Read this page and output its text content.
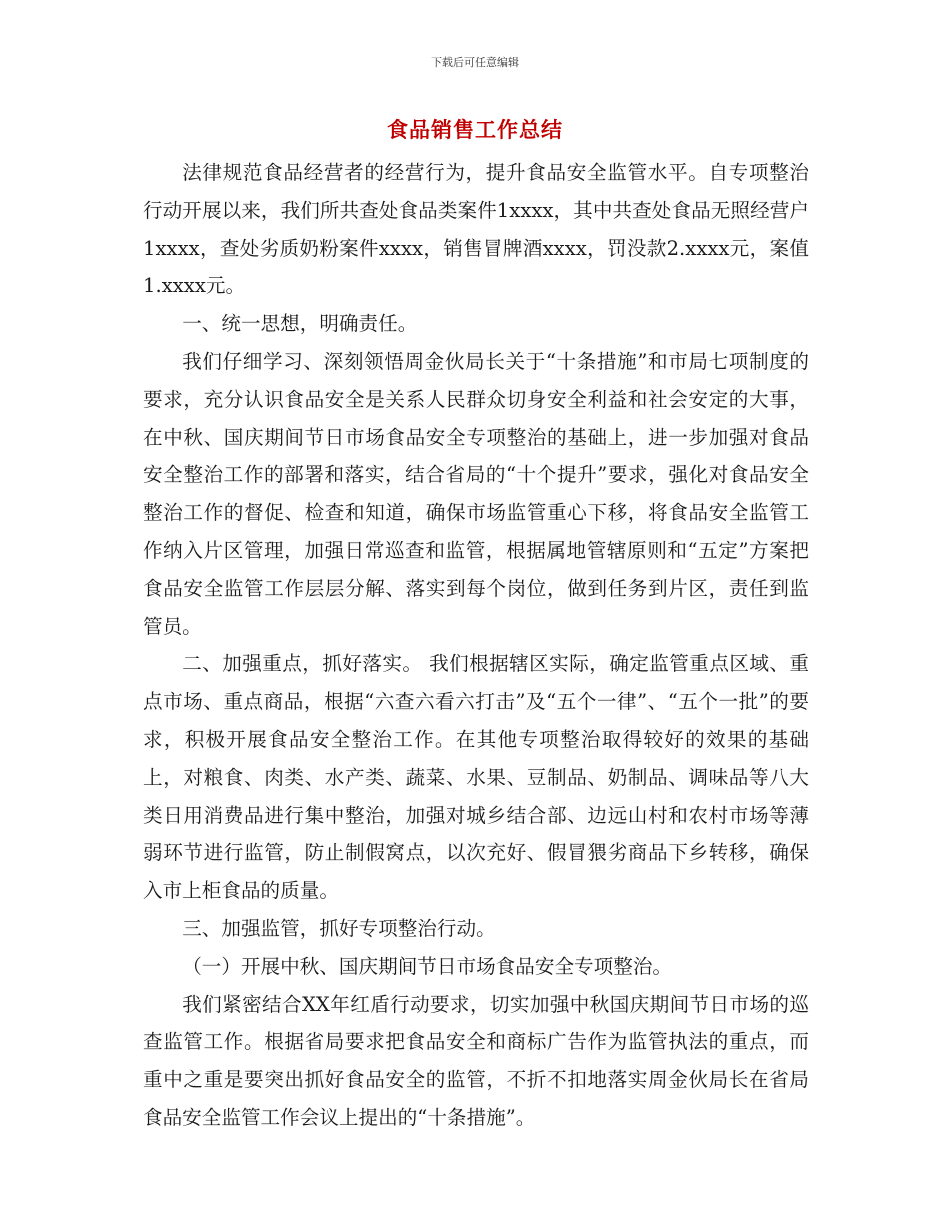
下载后可任意编辑
食品销售工作总结

法律规范食品经营者的经营行为，提升食品安全监管水平。自专项整治行动开展以来，我们所共查处食品类案件1xxxx，其中共查处食品无照经营户1xxxx，查处劣质奶粉案件xxxx，销售冒牌酒xxxx，罚没款2.xxxx元，案值1.xxxx元。

一、统一思想，明确责任。

我们仔细学习、深刻领悟周金伙局长关于“十条措施”和市局七项制度的要求，充分认识食品安全是关系人民群众切身安全利益和社会安定的大事，在中秋、国庆期间节日市场食品安全专项整治的基础上，进一步加强对食品安全整治工作的部署和落实，结合省局的“十个提升”要求，强化对食品安全整治工作的督促、检查和知道，确保市场监管重心下移，将食品安全监管工作纳入片区管理，加强日常巡查和监管，根据属地管辖原则和“五定”方案把食品安全监管工作层层分解、落实到每个岗位，做到任务到片区，责任到监管员。

二、加强重点，抓好落实。 我们根据辖区实际，确定监管重点区域、重点市场、重点商品，根据“六查六看六打击”及“五个一律”、“五个一批”的要求，积极开展食品安全整治工作。在其他专项整治取得较好的效果的基础上，对粮食、肉类、水产类、蔬菜、水果、豆制品、奶制品、调味品等八大类日用消费品进行集中整治，加强对城乡结合部、边远山村和农村市场等薄弱环节进行监管，防止制假窝点，以次充好、假冒猥劣商品下乡转移，确保入市上柜食品的质量。

三、加强监管，抓好专项整治行动。

（一）开展中秋、国庆期间节日市场食品安全专项整治。

我们紧密结合XX年红盾行动要求，切实加强中秋国庆期间节日市场的巡查监管工作。根据省局要求把食品安全和商标广告作为监管执法的重点，而重中之重是要突出抓好食品安全的监管，不折不扣地落实周金伙局长在省局食品安全监管工作会议上提出的“十条措施”。
